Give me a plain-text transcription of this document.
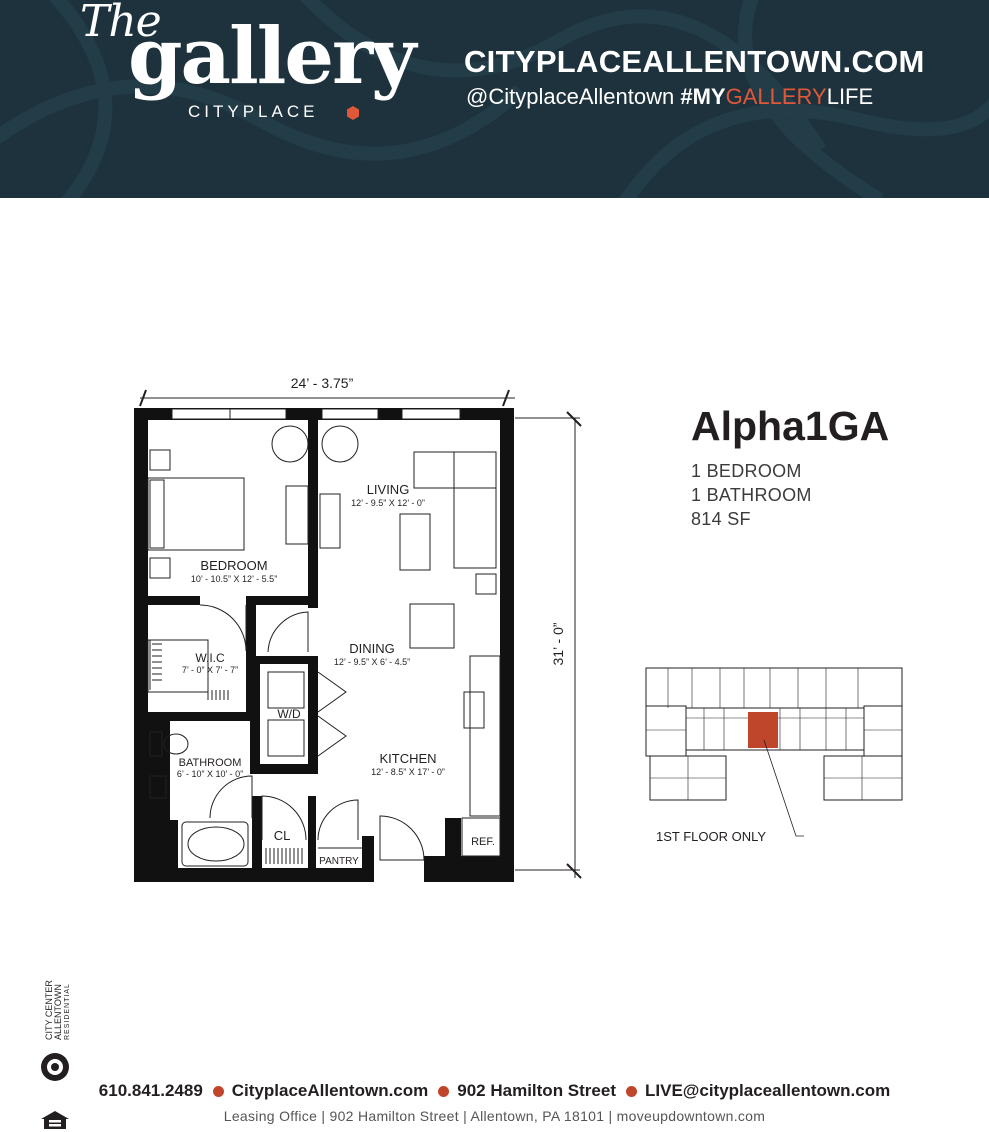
The
gallery
CITYPLACE
CITYPLACEALLENTOWN.COM
@CityplaceAllentown #MYGALLERYLIFE
Alpha1GA
1 BEDROOM
1 BATHROOM
814 SF
24’ - 3.75”
31’ - 0”
BEDROOM
10’ - 10.5” X 12’ - 5.5”
LIVING
12’ - 9.5” X 12’ - 0”
DINING
12’ - 9.5” X 6’ - 4.5”
W.I.C
7’ - 0” X 7’ - 7”
BATHROOM
6’ - 10” X 10’ - 0”
KITCHEN
12’ - 8.5” X 17’ - 0”
W/D
CL
PANTRY
REF.	1ST FLOOR ONLY
CITY CENTER ALLENTOWN RESIDENTIAL
610.841.2489 CityplaceAllentown.com 902 Hamilton Street LIVE@cityplaceallentown.com
Leasing Office | 902 Hamilton Street | Allentown, PA 18101 | moveupdowntown.com
